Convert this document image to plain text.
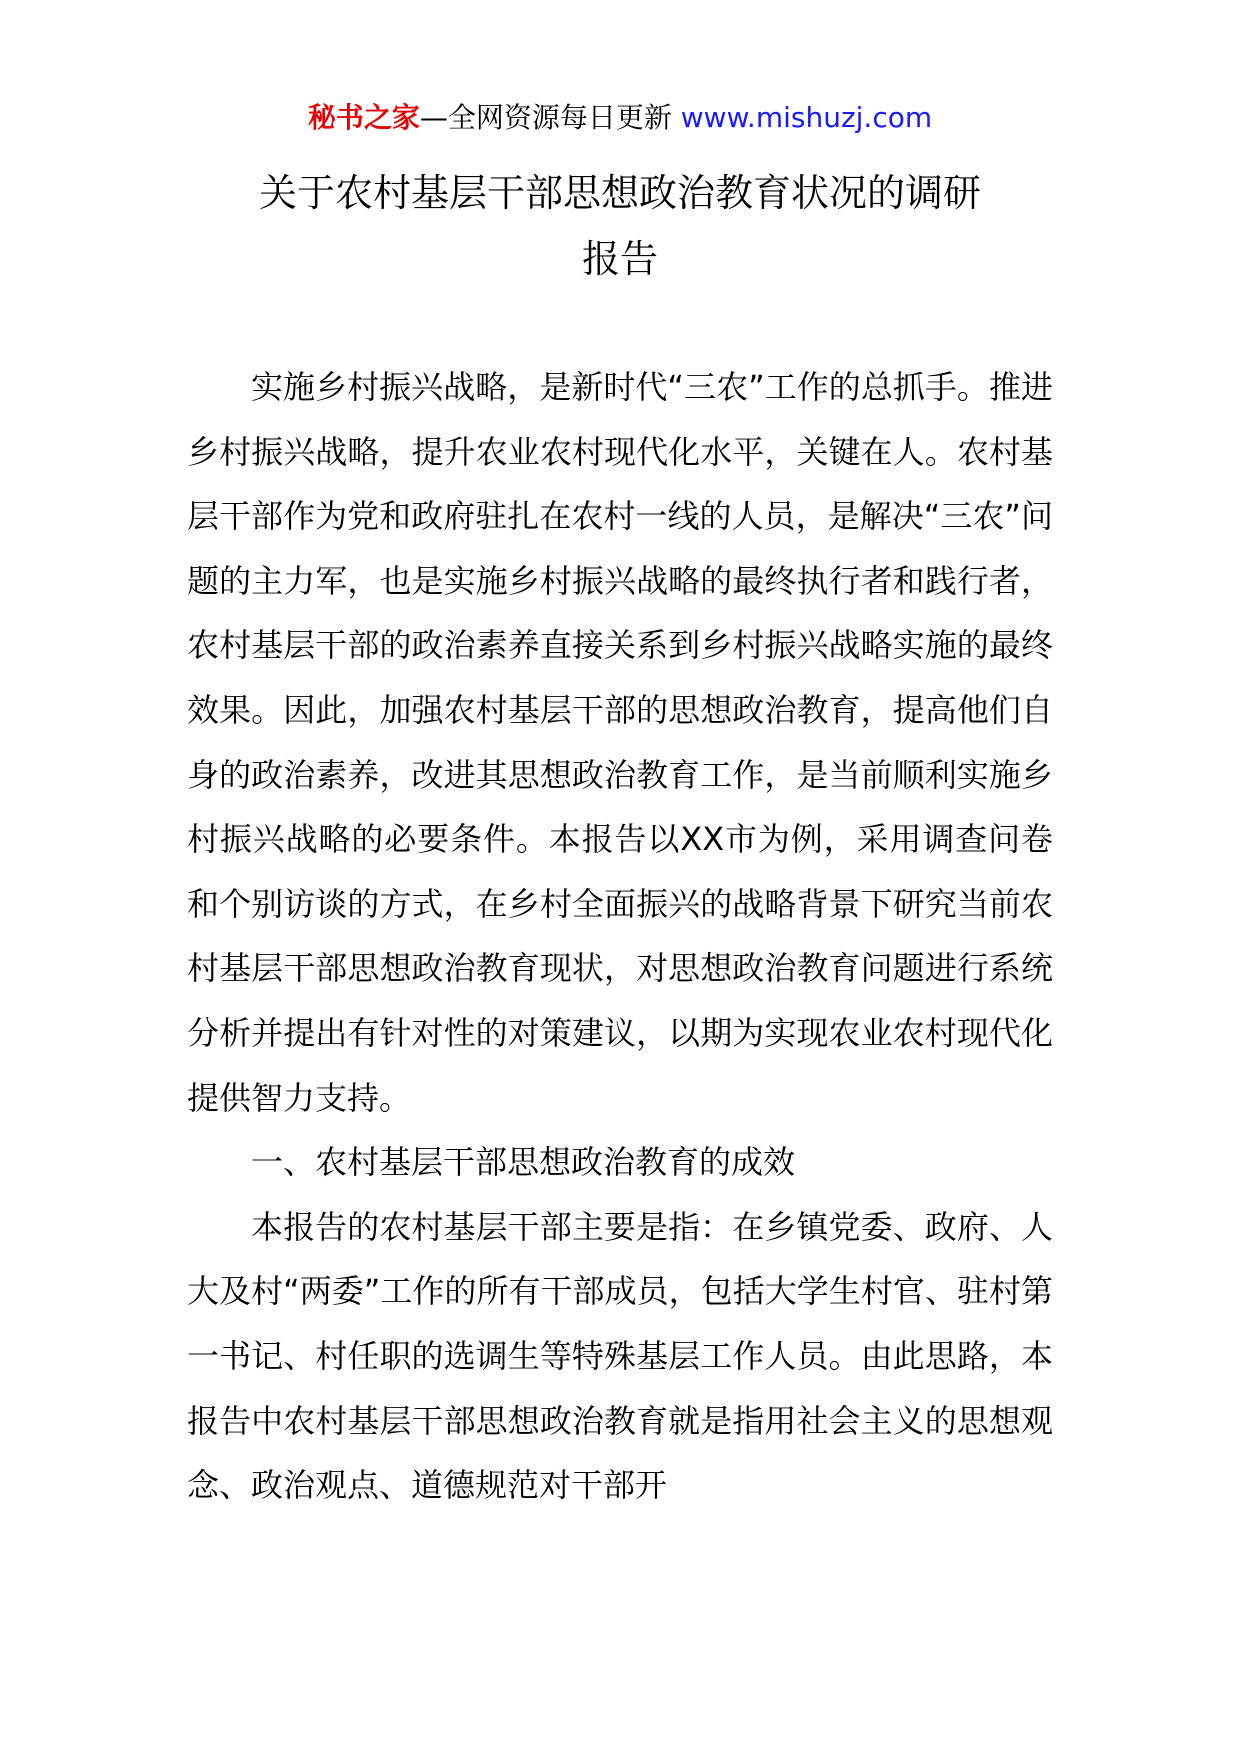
秘书之家—全网资源每日更新 www.mishuzj.com
关于农村基层干部思想政治教育状况的调研
报告

实施乡村振兴战略，是新时代“三农”工作的总抓手。推进乡村振兴战略，提升农业农村现代化水平，关键在人。农村基层干部作为党和政府驻扎在农村一线的人员，是解决“三农”问题的主力军，也是实施乡村振兴战略的最终执行者和践行者，农村基层干部的政治素养直接关系到乡村振兴战略实施的最终效果。因此，加强农村基层干部的思想政治教育，提高他们自身的政治素养，改进其思想政治教育工作，是当前顺利实施乡村振兴战略的必要条件。本报告以XX市为例，采用调查问卷和个别访谈的方式，在乡村全面振兴的战略背景下研究当前农村基层干部思想政治教育现状，对思想政治教育问题进行系统分析并提出有针对性的对策建议，以期为实现农业农村现代化提供智力支持。

一、农村基层干部思想政治教育的成效

本报告的农村基层干部主要是指：在乡镇党委、政府、人大及村“两委”工作的所有干部成员，包括大学生村官、驻村第一书记、村任职的选调生等特殊基层工作人员。由此思路，本报告中农村基层干部思想政治教育就是指用社会主义的思想观念、政治观点、道德规范对干部开
